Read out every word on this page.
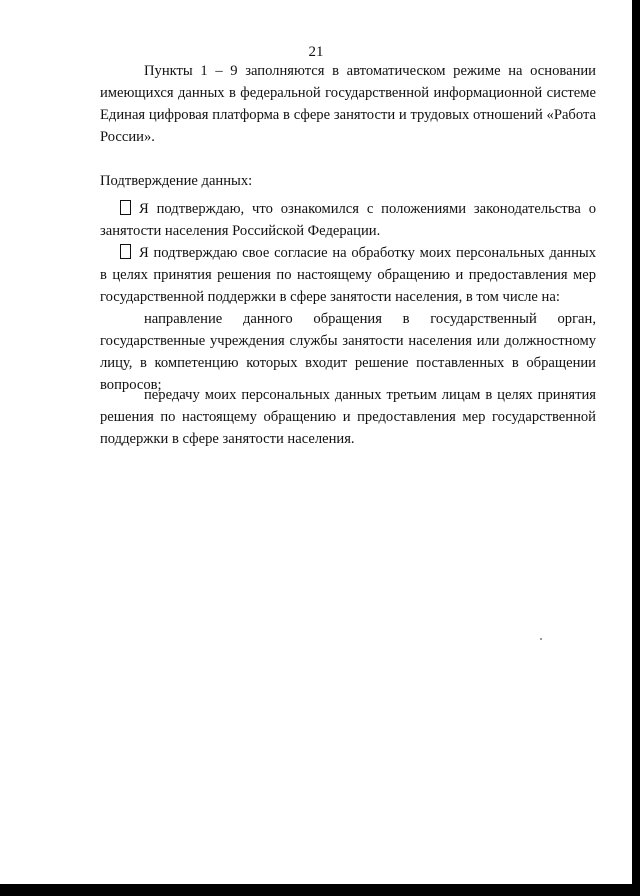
21

Пункты 1 – 9 заполняются в автоматическом режиме на основании имеющихся данных в федеральной государственной информационной системе Единая цифровая платформа в сфере занятости и трудовых отношений «Работа России».

Подтверждение данных:

Я подтверждаю, что ознакомился с положениями законодательства о занятости населения Российской Федерации.
Я подтверждаю свое согласие на обработку моих персональных данных в целях принятия решения по настоящему обращению и предоставления мер государственной поддержки в сфере занятости населения, в том числе на:

направление данного обращения в государственный орган, государственные учреждения службы занятости населения или должностному лицу, в компетенцию которых входит решение поставленных в обращении вопросов;

передачу моих персональных данных третьим лицам в целях принятия решения по настоящему обращению и предоставления мер государственной поддержки в сфере занятости населения.
